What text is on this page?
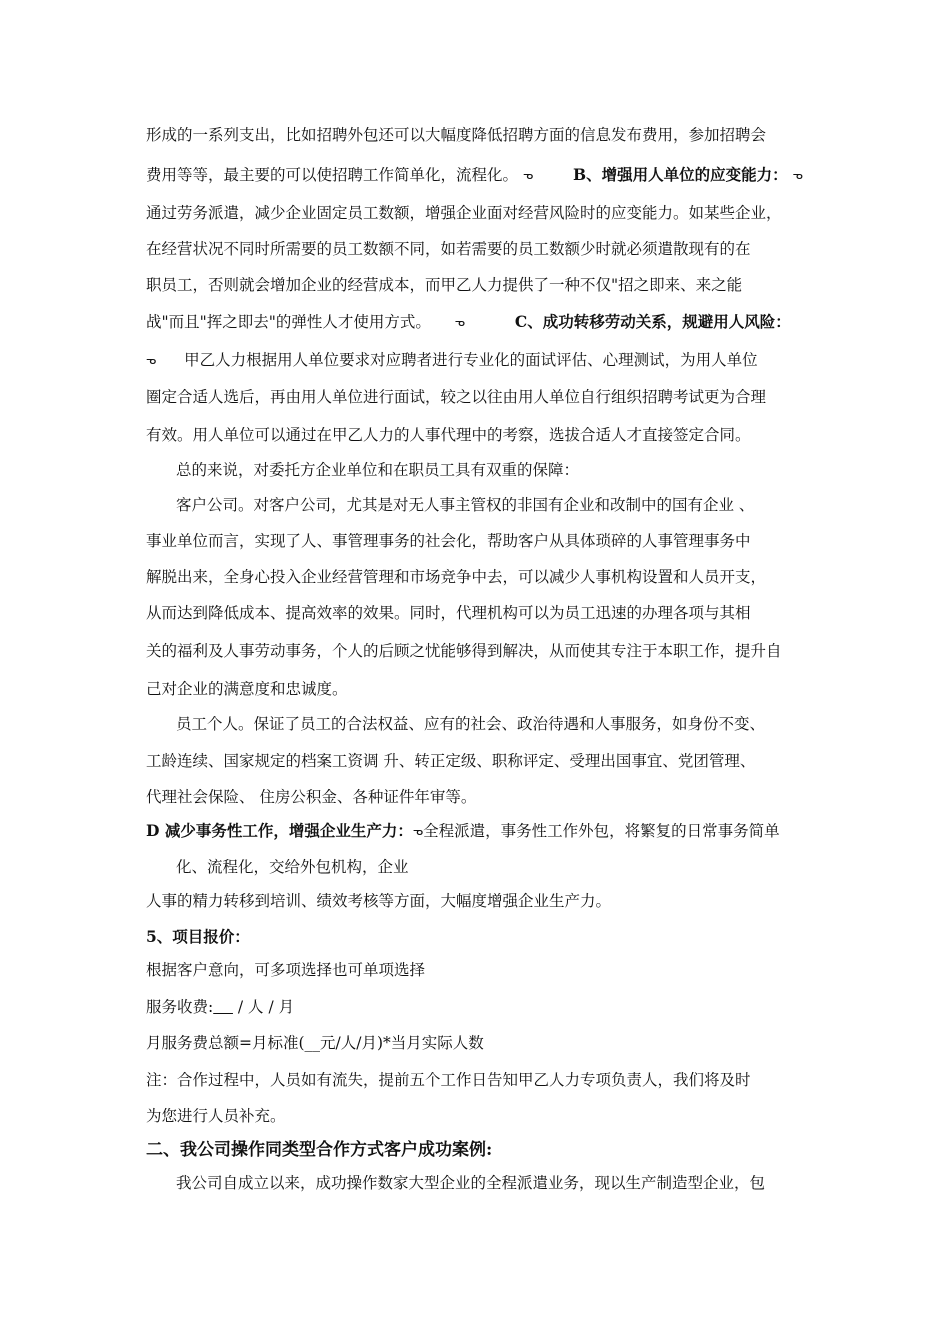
形成的一系列支出，比如招聘外包还可以大幅度降低招聘方面的信息发布费用，参加招聘会
费用等等，最主要的可以使招聘工作简单化，流程化。 ᓀ	B、增强用人单位的应变能力： ᓀ
通过劳务派遣，减少企业固定员工数额，增强企业面对经营风险时的应变能力。如某些企业，
在经营状况不同时所需要的员工数额不同，如若需要的员工数额少时就必须遣散现有的在
职员工，否则就会增加企业的经营成本，而甲乙人力提供了一种不仅"招之即来、来之能
战"而且"挥之即去"的弹性人才使用方式。 ᓀ	C、成功转移劳动关系，规避用人风险：
ᓀ 甲乙人力根据用人单位要求对应聘者进行专业化的面试评估、心理测试，为用人单位
圈定合适人选后，再由用人单位进行面试，较之以往由用人单位自行组织招聘考试更为合理
有效。用人单位可以通过在甲乙人力的人事代理中的考察，选拔合适人才直接签定合同。
总的来说，对委托方企业单位和在职员工具有双重的保障：
客户公司。对客户公司，尤其是对无人事主管权的非国有企业和改制中的国有企业 、
事业单位而言，实现了人、事管理事务的社会化，帮助客户从具体琐碎的人事管理事务中
解脱出来，全身心投入企业经营管理和市场竞争中去，可以减少人事机构设置和人员开支，
从而达到降低成本、提高效率的效果。同时，代理机构可以为员工迅速的办理各项与其相
关的福利及人事劳动事务，个人的后顾之忧能够得到解决，从而使其专注于本职工作，提升自
己对企业的满意度和忠诚度。
员工个人。保证了员工的合法权益、应有的社会、政治待遇和人事服务，如身份不变、
工龄连续、国家规定的档案工资调 升、转正定级、职称评定、受理出国事宜、党团管理、
代理社会保险、 住房公积金、各种证件年审等。
D 减少事务性工作，增强企业生产力：ᓀ全程派遣，事务性工作外包，将繁复的日常事务简单
化、流程化，交给外包机构，企业
人事的精力转移到培训、绩效考核等方面，大幅度增强企业生产力。
5、项目报价：
根据客户意向，可多项选择也可单项选择
服务收费:     / 人 / 月
月服务费总额=月标准(__元/人/月)*当月实际人数
注：合作过程中，人员如有流失，提前五个工作日告知甲乙人力专项负责人，我们将及时
为您进行人员补充。
二、我公司操作同类型合作方式客户成功案例:
我公司自成立以来，成功操作数家大型企业的全程派遣业务，现以生产制造型企业，包
